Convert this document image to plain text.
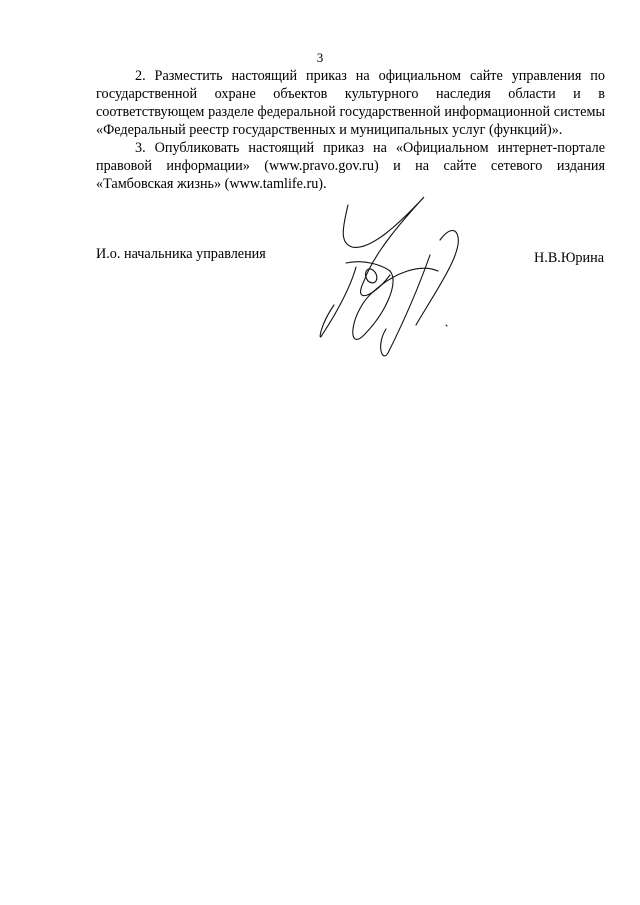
3

2. Разместить настоящий приказ на официальном сайте управления по государственной охране объектов культурного наследия области и в соответствующем разделе федеральной государственной информационной системы «Федеральный реестр государственных и муниципальных услуг (функций)».

3. Опубликовать настоящий приказ на «Официальном интернет-портале правовой информации» (www.pravo.gov.ru) и на сайте сетевого издания «Тамбовская жизнь» (www.tamlife.ru).

И.о. начальника управления	Н.В.Юрина
